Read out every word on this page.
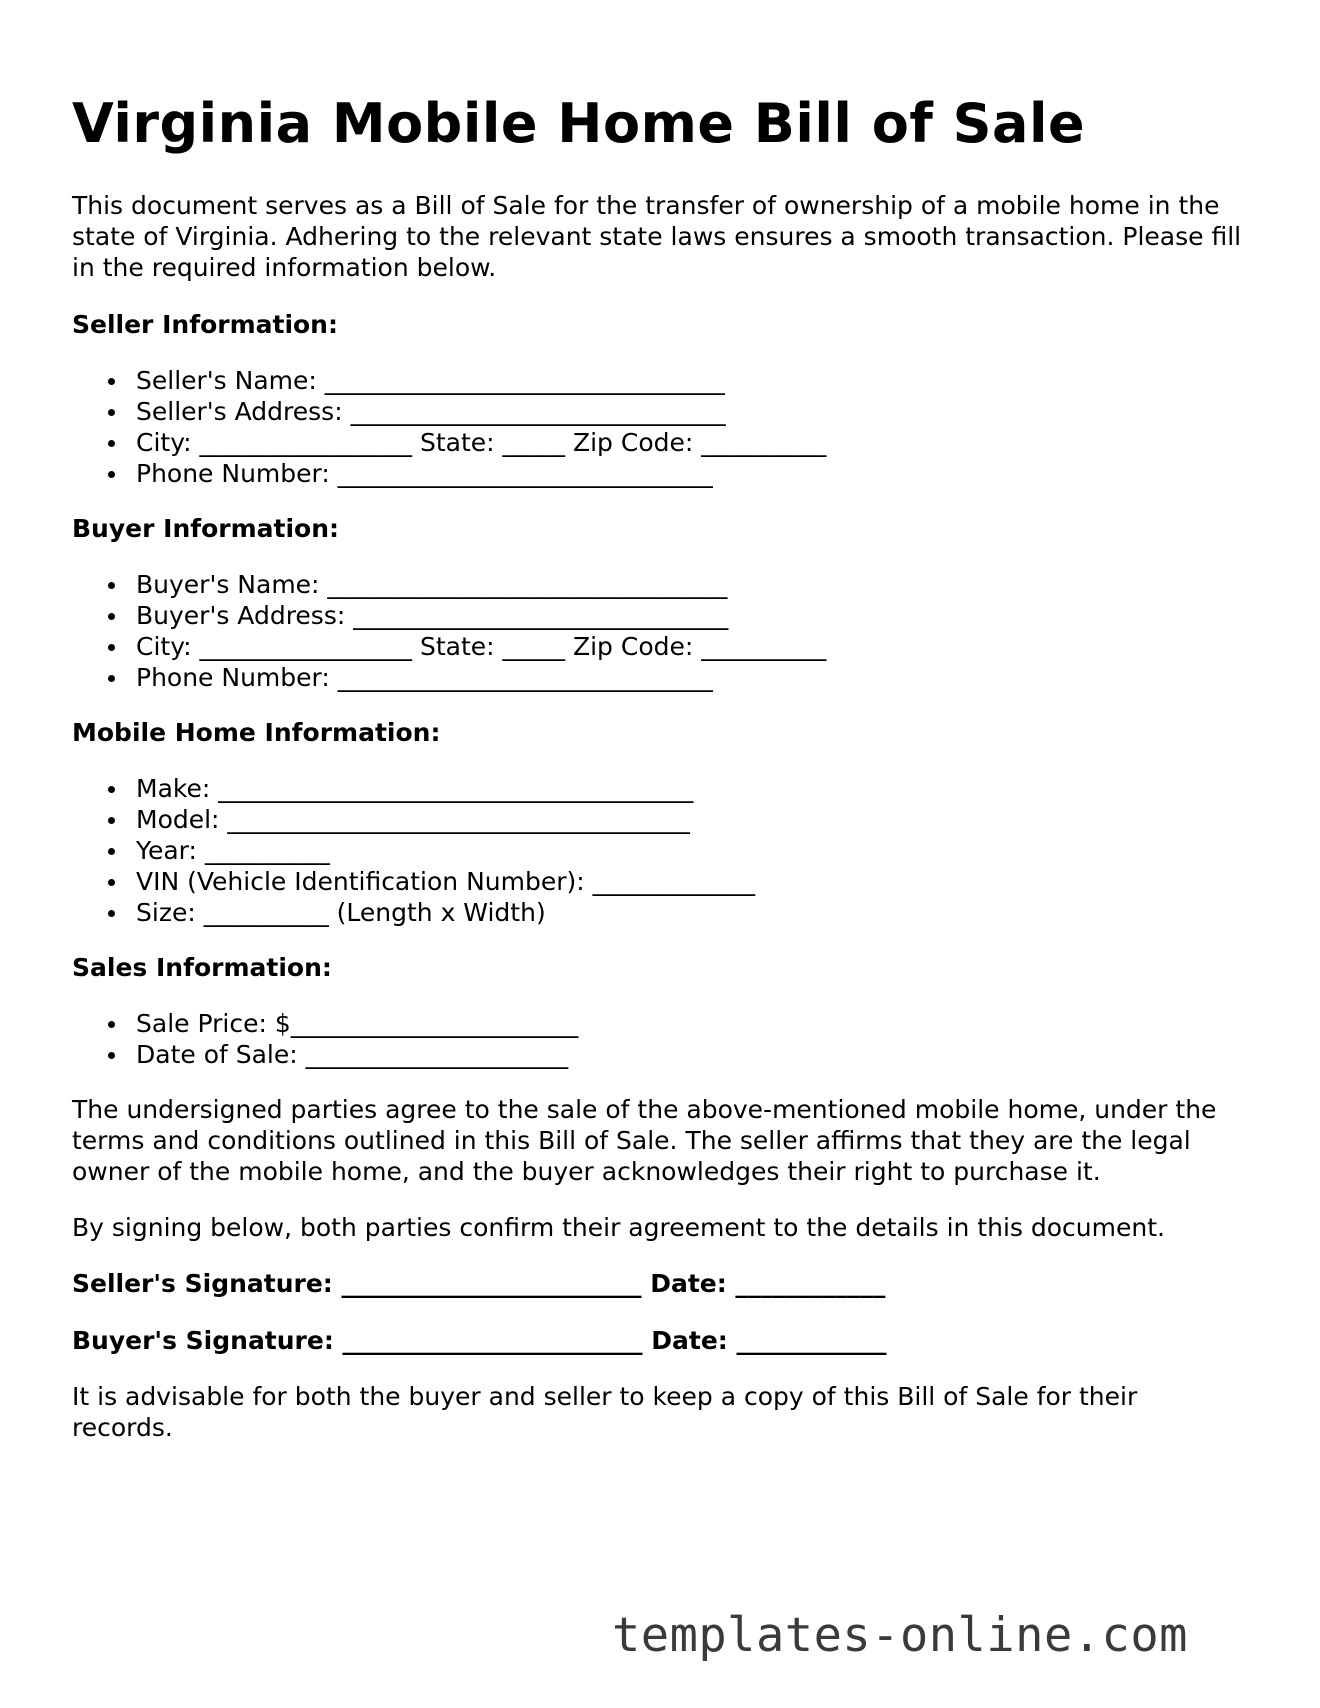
Virginia Mobile Home Bill of Sale

This document serves as a Bill of Sale for the transfer of ownership of a mobile home in the state of Virginia. Adhering to the relevant state laws ensures a smooth transaction. Please fill in the required information below.

Seller Information:
Seller's Name: ________________________________
Seller's Address: ______________________________
City: _________________ State: _____ Zip Code: __________
Phone Number: ______________________________
Buyer Information:
Buyer's Name: ________________________________
Buyer's Address: ______________________________
City: _________________ State: _____ Zip Code: __________
Phone Number: ______________________________
Mobile Home Information:
Make: ______________________________________
Model: _____________________________________
Year: __________
VIN (Vehicle Identification Number): _____________
Size: __________ (Length x Width)
Sales Information:
Sale Price: $_______________________
Date of Sale: _____________________

The undersigned parties agree to the sale of the above-mentioned mobile home, under the terms and conditions outlined in this Bill of Sale. The seller affirms that they are the legal owner of the mobile home, and the buyer acknowledges their right to purchase it.

By signing below, both parties confirm their agreement to the details in this document.

Seller's Signature: ________________________ Date: ____________
Buyer's Signature: ________________________ Date: ____________

It is advisable for both the buyer and seller to keep a copy of this Bill of Sale for their records.

templates-online.com
